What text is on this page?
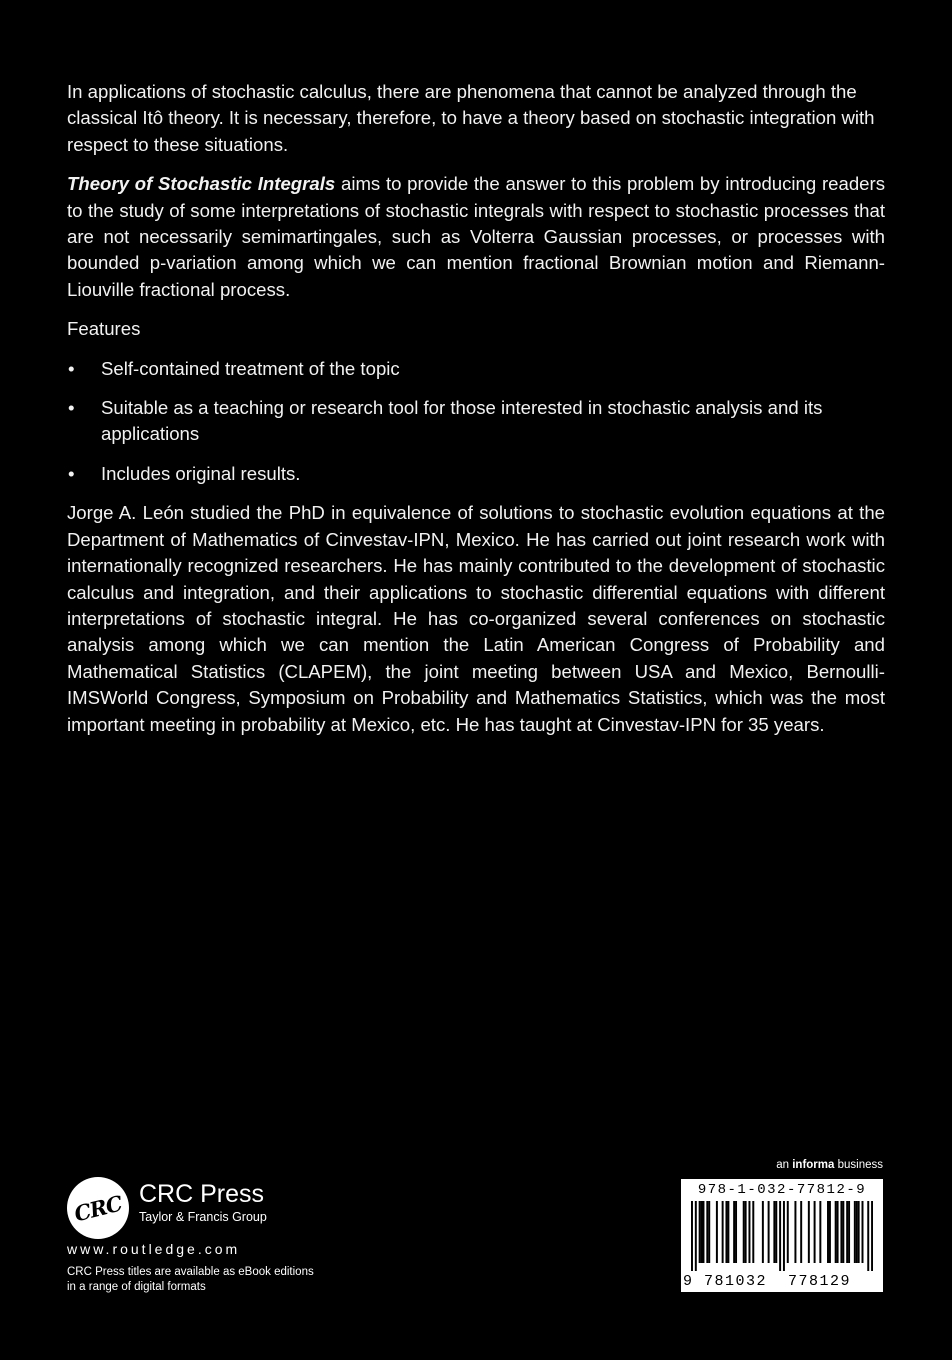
In applications of stochastic calculus, there are phenomena that cannot be analyzed through the classical Itô theory. It is necessary, therefore, to have a theory based on stochastic integration with respect to these situations.

Theory of Stochastic Integrals aims to provide the answer to this problem by introducing readers to the study of some interpretations of stochastic integrals with respect to stochastic processes that are not necessarily semimartingales, such as Volterra Gaussian processes, or processes with bounded p-variation among which we can mention fractional Brownian motion and Riemann-Liouville fractional process.

Features

• Self-contained treatment of the topic
• Suitable as a teaching or research tool for those interested in stochastic analysis and its applications
• Includes original results.

Jorge A. León studied the PhD in equivalence of solutions to stochastic evolution equations at the Department of Mathematics of Cinvestav-IPN, Mexico. He has carried out joint research work with internationally recognized researchers. He has mainly contributed to the development of stochastic calculus and integration, and their applications to stochastic differential equations with different interpretations of stochastic integral. He has co-organized several conferences on stochastic analysis among which we can mention the Latin American Congress of Probability and Mathematical Statistics (CLAPEM), the joint meeting between USA and Mexico, Bernoulli-IMSWorld Congress, Symposium on Probability and Mathematics Statistics, which was the most important meeting in probability at Mexico, etc. He has taught at Cinvestav-IPN for 35 years.

CRC CRC Press
Taylor & Francis Group
www.routledge.com
CRC Press titles are available as eBook editions
in a range of digital formats
an informa business
978-1-032-77812-9
9 781032 778129
